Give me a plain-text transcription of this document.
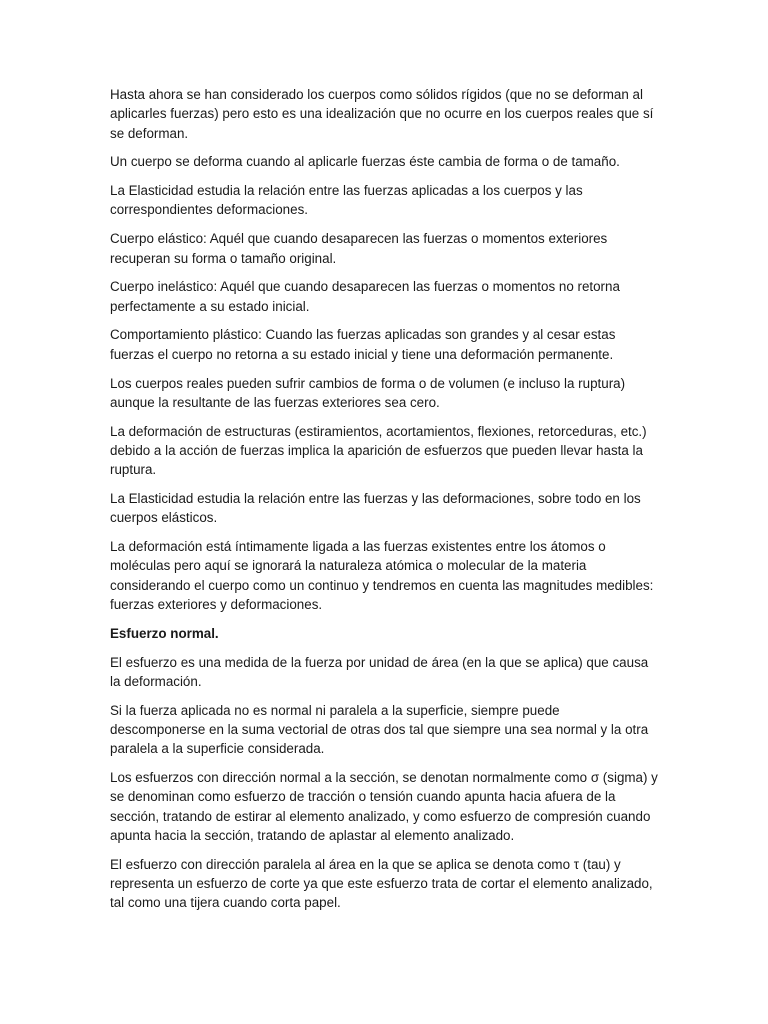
Hasta ahora se han considerado los cuerpos como sólidos rígidos (que no se deforman al aplicarles fuerzas) pero esto es una idealización que no ocurre en los cuerpos reales que sí se deforman.

Un cuerpo se deforma cuando al aplicarle fuerzas éste cambia de forma o de tamaño.

La Elasticidad estudia la relación entre las fuerzas aplicadas a los cuerpos y las correspondientes deformaciones.

Cuerpo elástico: Aquél que cuando desaparecen las fuerzas o momentos exteriores recuperan su forma o tamaño original.

Cuerpo inelástico: Aquél que cuando desaparecen las fuerzas o momentos no retorna perfectamente a su estado inicial.

Comportamiento plástico: Cuando las fuerzas aplicadas son grandes y al cesar estas fuerzas el cuerpo no retorna a su estado inicial y tiene una deformación permanente.

Los cuerpos reales pueden sufrir cambios de forma o de volumen (e incluso la ruptura) aunque la resultante de las fuerzas exteriores sea cero.

La deformación de estructuras (estiramientos, acortamientos, flexiones, retorceduras, etc.) debido a la acción de fuerzas implica la aparición de esfuerzos que pueden llevar hasta la ruptura.

La Elasticidad estudia la relación entre las fuerzas y las deformaciones, sobre todo en los cuerpos elásticos.

La deformación está íntimamente ligada a las fuerzas existentes entre los átomos o moléculas pero aquí se ignorará la naturaleza atómica o molecular de la materia considerando el cuerpo como un continuo y tendremos en cuenta las magnitudes medibles: fuerzas exteriores y deformaciones.

Esfuerzo normal.

El esfuerzo es una medida de la fuerza por unidad de área (en la que se aplica) que causa la deformación.

Si la fuerza aplicada no es normal ni paralela a la superficie, siempre puede descomponerse en la suma vectorial de otras dos tal que siempre una sea normal y la otra paralela a la superficie considerada.

Los esfuerzos con dirección normal a la sección, se denotan normalmente como σ (sigma) y se denominan como esfuerzo de tracción o tensión cuando apunta hacia afuera de la sección, tratando de estirar al elemento analizado, y como esfuerzo de compresión cuando apunta hacia la sección, tratando de aplastar al elemento analizado.

El esfuerzo con dirección paralela al área en la que se aplica se denota como τ (tau) y representa un esfuerzo de corte ya que este esfuerzo trata de cortar el elemento analizado, tal como una tijera cuando corta papel.
